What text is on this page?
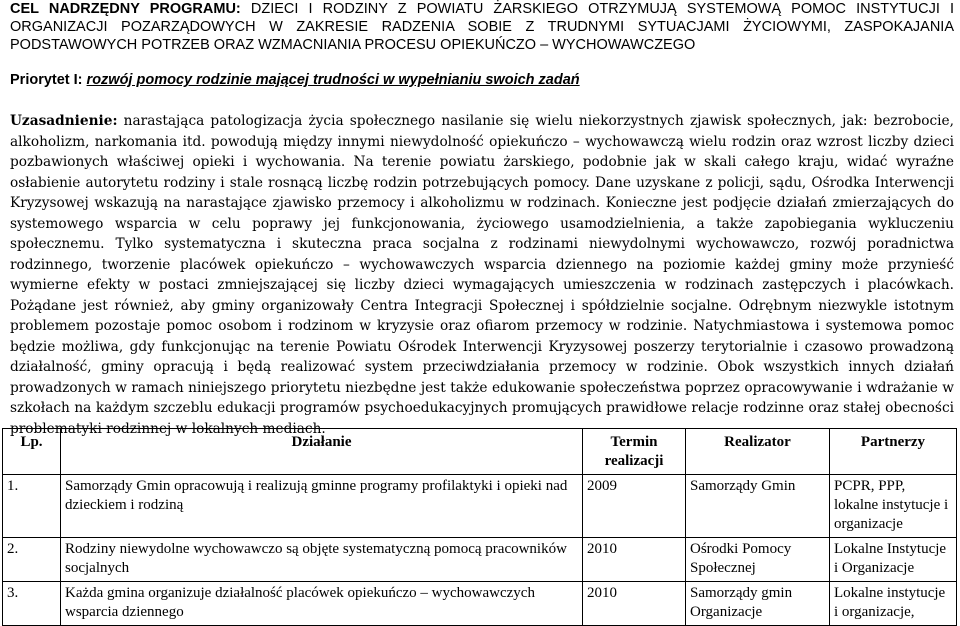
CEL NADRZĘDNY PROGRAMU: DZIECI I RODZINY Z POWIATU ŻARSKIEGO OTRZYMUJĄ SYSTEMOWĄ POMOC INSTYTUCJI I ORGANIZACJI POZARZĄDOWYCH W ZAKRESIE RADZENIA SOBIE Z TRUDNYMI SYTUACJAMI ŻYCIOWYMI, ZASPOKAJANIA PODSTAWOWYCH POTRZEB ORAZ WZMACNIANIA PROCESU OPIEKUŃCZO – WYCHOWAWCZEGO
Priorytet I: rozwój pomocy rodzinie mającej trudności w wypełnianiu swoich zadań
Uzasadnienie: narastająca patologizacja życia społecznego nasilanie się wielu niekorzystnych zjawisk społecznych, jak: bezrobocie, alkoholizm, narkomania itd. powodują między innymi niewydolność opiekuńczo – wychowawczą wielu rodzin oraz wzrost liczby dzieci pozbawionych właściwej opieki i wychowania. Na terenie powiatu żarskiego, podobnie jak w skali całego kraju, widać wyraźne osłabienie autorytetu rodziny i stale rosnącą liczbę rodzin potrzebujących pomocy. Dane uzyskane z policji, sądu, Ośrodka Interwencji Kryzysowej wskazują na narastające zjawisko przemocy i alkoholizmu w rodzinach. Konieczne jest podjęcie działań zmierzających do systemowego wsparcia w celu poprawy jej funkcjonowania, życiowego usamodzielnienia, a także zapobiegania wykluczeniu społecznemu. Tylko systematyczna i skuteczna praca socjalna z rodzinami niewydolnymi wychowawczo, rozwój poradnictwa rodzinnego, tworzenie placówek opiekuńczo – wychowawczych wsparcia dziennego na poziomie każdej gminy może przynieść wymierne efekty w postaci zmniejszającej się liczby dzieci wymagających umieszczenia w rodzinach zastępczych i placówkach. Pożądane jest również, aby gminy organizowały Centra Integracji Społecznej i spółdzielnie socjalne. Odrębnym niezwykle istotnym problemem pozostaje pomoc osobom i rodzinom w kryzysie oraz ofiarom przemocy w rodzinie. Natychmiastowa i systemowa pomoc będzie możliwa, gdy funkcjonując na terenie Powiatu Ośrodek Interwencji Kryzysowej poszerzy terytorialnie i czasowo prowadzoną działalność, gminy opracują i będą realizować system przeciwdziałania przemocy w rodzinie. Obok wszystkich innych działań prowadzonych w ramach niniejszego priorytetu niezbędne jest także edukowanie społeczeństwa poprzez opracowywanie i wdrażanie w szkołach na każdym szczeblu edukacji programów psychoedukacyjnych promujących prawidłowe relacje rodzinne oraz stałej obecności problematyki rodzinnej w lokalnych mediach.
Lp.	Działanie	Termin realizacji	Realizator	Partnerzy
1.	Samorządy Gmin opracowują i realizują gminne programy profilaktyki i opieki nad dzieckiem i rodziną	2009	Samorządy Gmin	PCPR, PPP, lokalne instytucje i organizacje
2.	Rodziny niewydolne wychowawczo są objęte systematyczną pomocą pracowników socjalnych	2010	Ośrodki Pomocy Społecznej	Lokalne Instytucje i Organizacje
3.	Każda gmina organizuje działalność placówek opiekuńczo – wychowawczych wsparcia dziennego	2010	Samorządy gmin Organizacje	Lokalne instytucje i organizacje,
